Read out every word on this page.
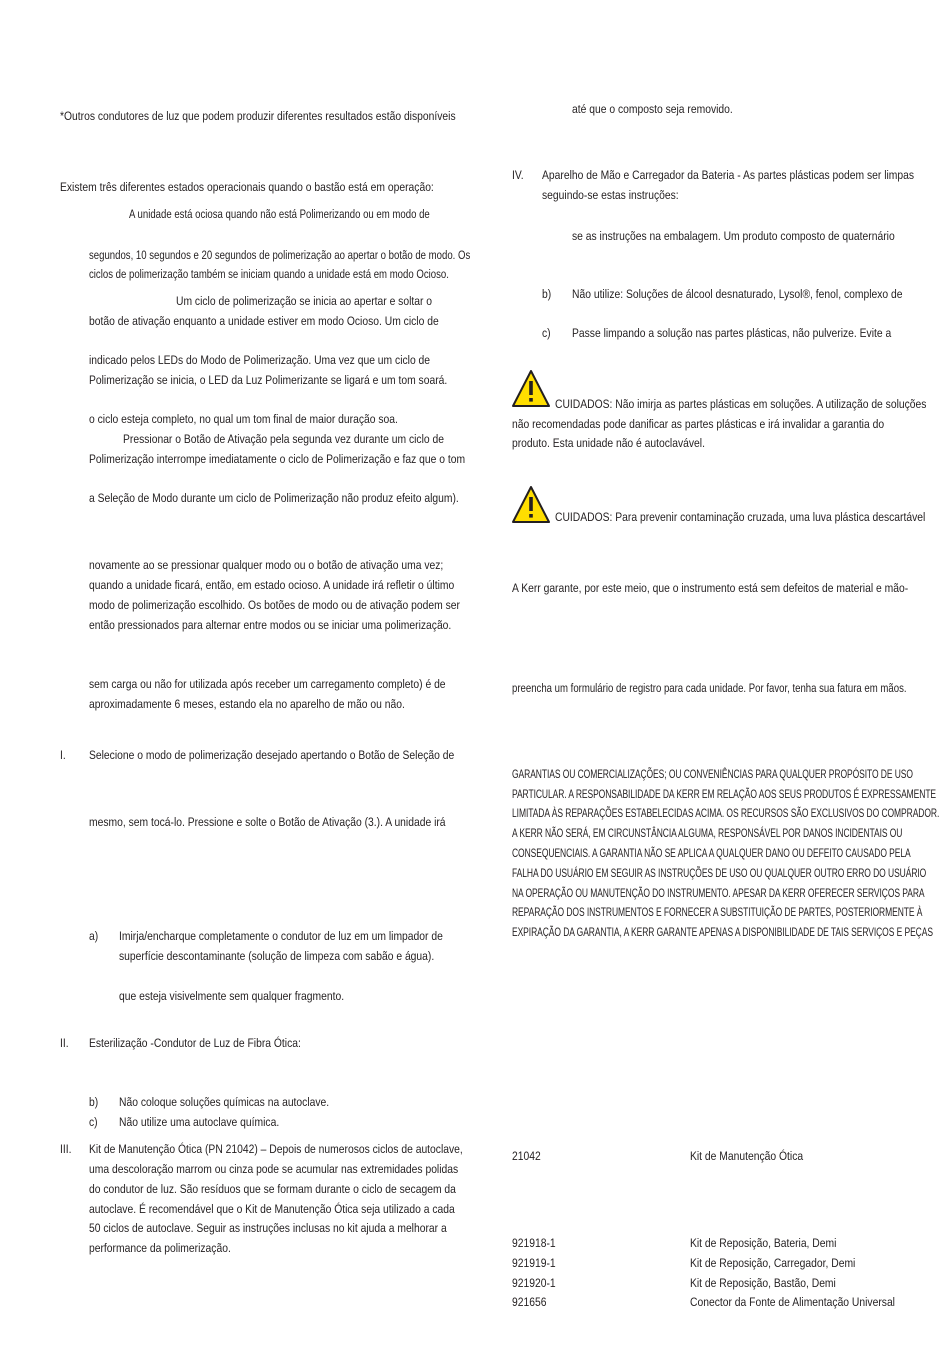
*Outros condutores de luz que podem produzir diferentes resultados estão disponíveis
Existem três diferentes estados operacionais quando o bastão está em operação:
A unidade está ociosa quando não está Polimerizando ou em modo de
segundos, 10 segundos e 20 segundos de polimerização ao apertar o botão de modo. Os
ciclos de polimerização também se iniciam quando a unidade está em modo Ocioso.
Um ciclo de polimerização se inicia ao apertar e soltar o
botão de ativação enquanto a unidade estiver em modo Ocioso. Um ciclo de
indicado pelos LEDs do Modo de Polimerização. Uma vez que um ciclo de
Polimerização se inicia, o LED da Luz Polimerizante se ligará e um tom soará.
o ciclo esteja completo, no qual um tom final de maior duração soa.
Pressionar o Botão de Ativação pela segunda vez durante um ciclo de
Polimerização interrompe imediatamente o ciclo de Polimerização e faz que o tom
a Seleção de Modo durante um ciclo de Polimerização não produz efeito algum).
novamente ao se pressionar qualquer modo ou o botão de ativação uma vez;
quando a unidade ficará, então, em estado ocioso. A unidade irá refletir o último
modo de polimerização escolhido. Os botões de modo ou de ativação podem ser
então pressionados para alternar entre modos ou se iniciar uma polimerização.
sem carga ou não for utilizada após receber um carregamento completo) é de
aproximadamente 6 meses, estando ela no aparelho de mão ou não.
I. Selecione o modo de polimerização desejado apertando o Botão de Seleção de
mesmo, sem tocá-lo. Pressione e solte o Botão de Ativação (3.). A unidade irá
a) Imirja/encharque completamente o condutor de luz em um limpador de
superfície descontaminante (solução de limpeza com sabão e água).
que esteja visivelmente sem qualquer fragmento.
II. Esterilização -Condutor de Luz de Fibra Ótica:
b) Não coloque soluções químicas na autoclave.
c) Não utilize uma autoclave química.
III. Kit de Manutenção Ótica (PN 21042) – Depois de numerosos ciclos de autoclave,
uma descoloração marrom ou cinza pode se acumular nas extremidades polidas
do condutor de luz. São resíduos que se formam durante o ciclo de secagem da
autoclave. É recomendável que o Kit de Manutenção Ótica seja utilizado a cada
50 ciclos de autoclave. Seguir as instruções inclusas no kit ajuda a melhorar a
performance da polimerização.
até que o composto seja removido.
IV. Aparelho de Mão e Carregador da Bateria - As partes plásticas podem ser limpas
seguindo-se estas instruções:
se as instruções na embalagem. Um produto composto de quaternário
b) Não utilize: Soluções de álcool desnaturado, Lysol®, fenol, complexo de
c) Passe limpando a solução nas partes plásticas, não pulverize. Evite a
CUIDADOS: Não imirja as partes plásticas em soluções. A utilização de soluções
não recomendadas pode danificar as partes plásticas e irá invalidar a garantia do
produto. Esta unidade não é autoclavável.
CUIDADOS: Para prevenir contaminação cruzada, uma luva plástica descartável
A Kerr garante, por este meio, que o instrumento está sem defeitos de material e mão-
preencha um formulário de registro para cada unidade. Por favor, tenha sua fatura em mãos.
GARANTIAS OU COMERCIALIZAÇÕES; OU CONVENIÊNCIAS PARA QUALQUER PROPÓSITO DE USO
PARTICULAR. A RESPONSABILIDADE DA KERR EM RELAÇÃO AOS SEUS PRODUTOS É EXPRESSAMENTE
LIMITADA ÀS REPARAÇÕES ESTABELECIDAS ACIMA. OS RECURSOS SÃO EXCLUSIVOS DO COMPRADOR.
A KERR NÃO SERÁ, EM CIRCUNSTÂNCIA ALGUMA, RESPONSÁVEL POR DANOS INCIDENTAIS OU
CONSEQUENCIAIS. A GARANTIA NÃO SE APLICA A QUALQUER DANO OU DEFEITO CAUSADO PELA
FALHA DO USUÁRIO EM SEGUIR AS INSTRUÇÕES DE USO OU QUALQUER OUTRO ERRO DO USUÁRIO
NA OPERAÇÃO OU MANUTENÇÃO DO INSTRUMENTO. APESAR DA KERR OFERECER SERVIÇOS PARA
REPARAÇÃO DOS INSTRUMENTOS E FORNECER A SUBSTITUIÇÃO DE PARTES, POSTERIORMENTE À
EXPIRAÇÃO DA GARANTIA, A KERR GARANTE APENAS A DISPONIBILIDADE DE TAIS SERVIÇOS E PEÇAS
21042	Kit de Manutenção Ótica
921918-1	Kit de Reposição, Bateria, Demi
921919-1	Kit de Reposição, Carregador, Demi
921920-1	Kit de Reposição, Bastão, Demi
921656	Conector da Fonte de Alimentação Universal
